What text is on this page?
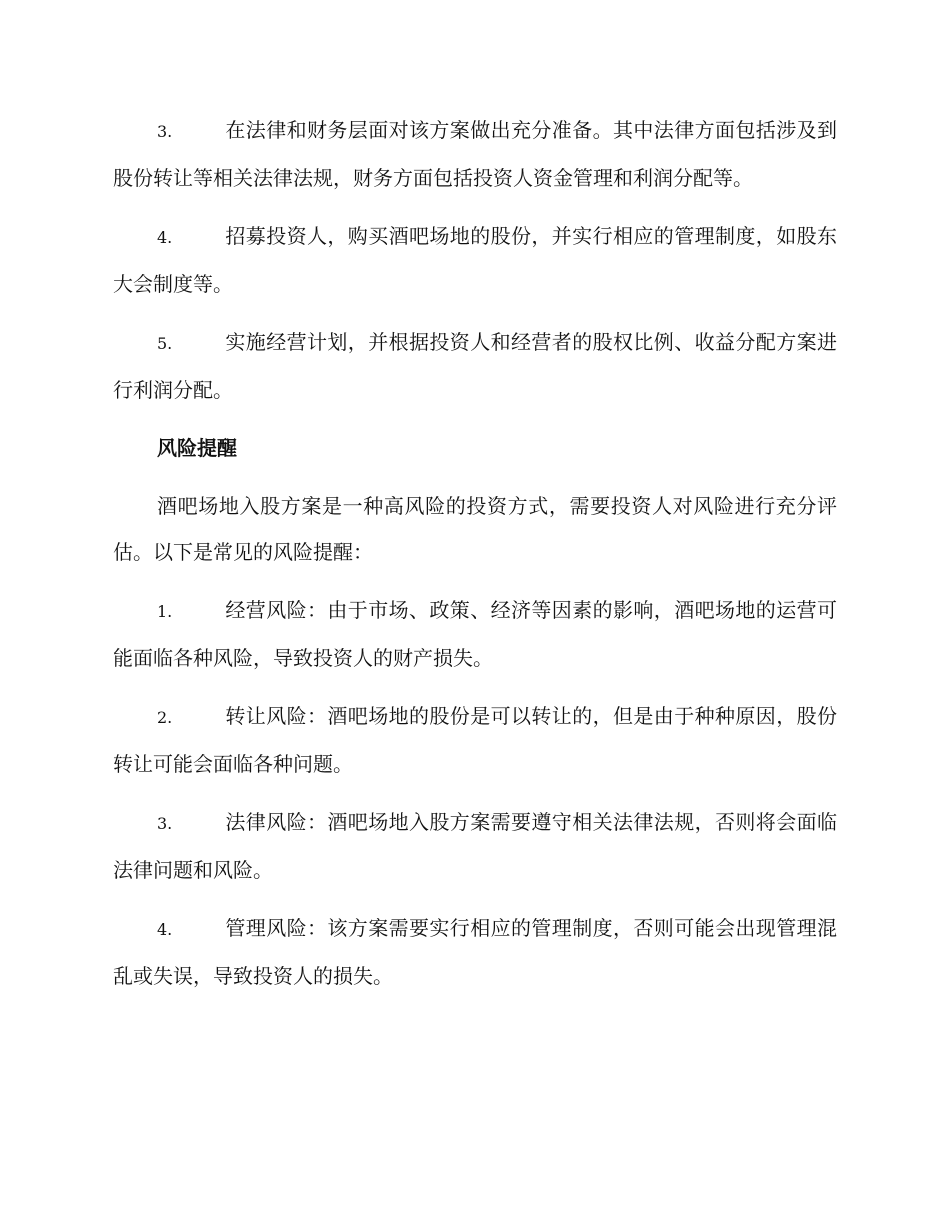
3.	在法律和财务层面对该方案做出充分准备。其中法律方面包括涉及到股份转让等相关法律法规，财务方面包括投资人资金管理和利润分配等。

4.	招募投资人，购买酒吧场地的股份，并实行相应的管理制度，如股东大会制度等。

5.	实施经营计划，并根据投资人和经营者的股权比例、收益分配方案进行利润分配。

风险提醒

酒吧场地入股方案是一种高风险的投资方式，需要投资人对风险进行充分评估。以下是常见的风险提醒：

1.	经营风险：由于市场、政策、经济等因素的影响，酒吧场地的运营可能面临各种风险，导致投资人的财产损失。

2.	转让风险：酒吧场地的股份是可以转让的，但是由于种种原因，股份转让可能会面临各种问题。

3.	法律风险：酒吧场地入股方案需要遵守相关法律法规，否则将会面临法律问题和风险。

4.	管理风险：该方案需要实行相应的管理制度，否则可能会出现管理混乱或失误，导致投资人的损失。
